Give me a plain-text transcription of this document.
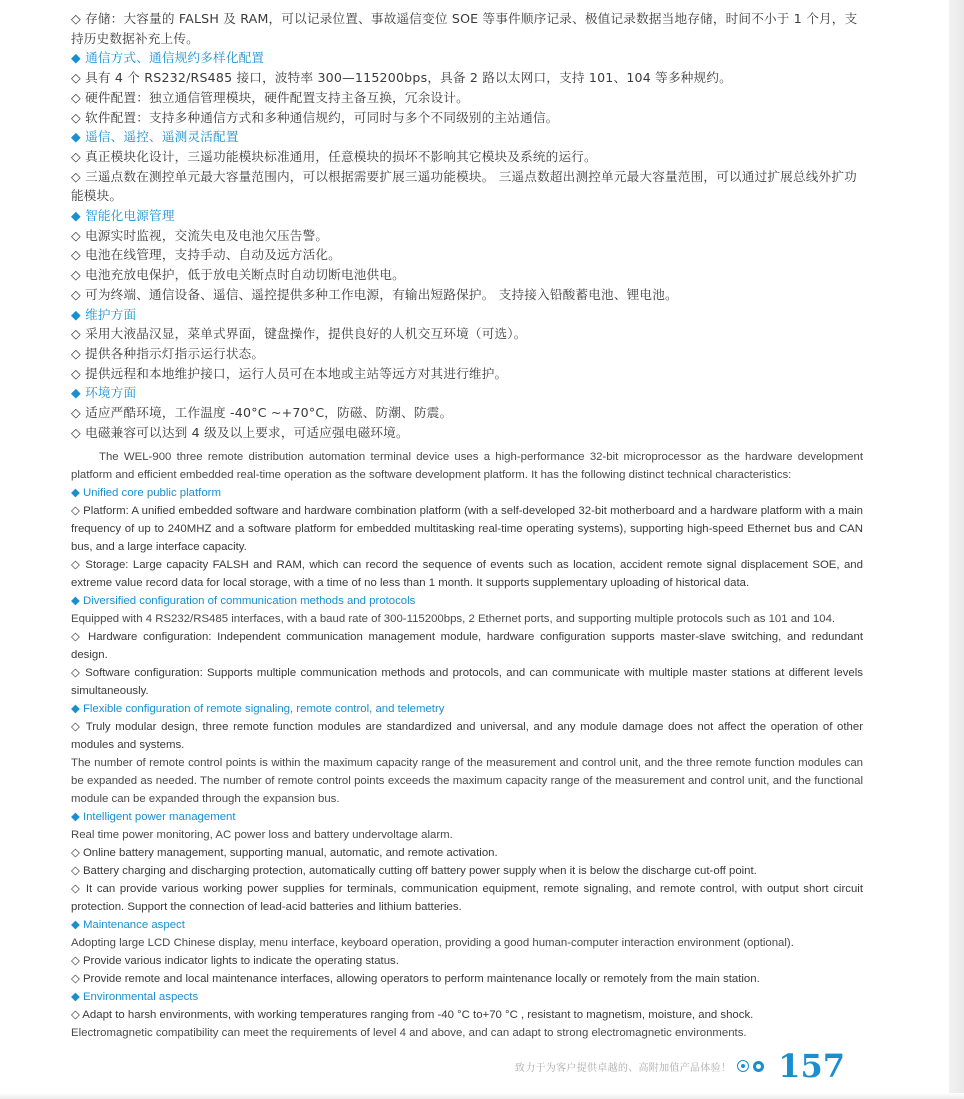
◇ 存储：大容量的 FALSH 及 RAM，可以记录位置、事故遥信变位 SOE 等事件顺序记录、极值记录数据当地存储，时间不小于 1 个月，支持历史数据补充上传。

◆ 通信方式、通信规约多样化配置

◇ 具有 4 个 RS232/RS485 接口，波特率 300—115200bps，具备 2 路以太网口，支持 101、104 等多种规约。

◇ 硬件配置：独立通信管理模块，硬件配置支持主备互换，冗余设计。

◇ 软件配置：支持多种通信方式和多种通信规约，可同时与多个不同级别的主站通信。

◆ 遥信、遥控、遥测灵活配置

◇ 真正模块化设计，三遥功能模块标准通用，任意模块的损坏不影响其它模块及系统的运行。

◇ 三遥点数在测控单元最大容量范围内，可以根据需要扩展三遥功能模块。 三遥点数超出测控单元最大容量范围，可以通过扩展总线外扩功能模块。

◆ 智能化电源管理

◇ 电源实时监视，交流失电及电池欠压告警。

◇ 电池在线管理，支持手动、自动及远方活化。

◇ 电池充放电保护，低于放电关断点时自动切断电池供电。

◇ 可为终端、通信设备、遥信、遥控提供多种工作电源，有输出短路保护。 支持接入铅酸蓄电池、锂电池。

◆ 维护方面

◇ 采用大液晶汉显，菜单式界面，键盘操作，提供良好的人机交互环境（可选）。

◇ 提供各种指示灯指示运行状态。

◇ 提供远程和本地维护接口，运行人员可在本地或主站等远方对其进行维护。

◆ 环境方面

◇ 适应严酷环境，工作温度 -40°C ~+70°C，防磁、防潮、防震。

◇ 电磁兼容可以达到 4 级及以上要求，可适应强电磁环境。

The WEL-900 three remote distribution automation terminal device uses a high-performance 32-bit microprocessor as the hardware development platform and efficient embedded real-time operation as the software development platform. It has the following distinct technical characteristics:

◆ Unified core public platform

◇ Platform: A unified embedded software and hardware combination platform (with a self-developed 32-bit motherboard and a hardware platform with a main frequency of up to 240MHZ and a software platform for embedded multitasking real-time operating systems), supporting high-speed Ethernet bus and CAN bus, and a large interface capacity.

◇ Storage: Large capacity FALSH and RAM, which can record the sequence of events such as location, accident remote signal displacement SOE, and extreme value record data for local storage, with a time of no less than 1 month. It supports supplementary uploading of historical data.

◆ Diversified configuration of communication methods and protocols

Equipped with 4 RS232/RS485 interfaces, with a baud rate of 300-115200bps, 2 Ethernet ports, and supporting multiple protocols such as 101 and 104.

◇ Hardware configuration: Independent communication management module, hardware configuration supports master-slave switching, and redundant design.

◇ Software configuration: Supports multiple communication methods and protocols, and can communicate with multiple master stations at different levels simultaneously.

◆ Flexible configuration of remote signaling, remote control, and telemetry

◇ Truly modular design, three remote function modules are standardized and universal, and any module damage does not affect the operation of other modules and systems.

The number of remote control points is within the maximum capacity range of the measurement and control unit, and the three remote function modules can be expanded as needed. The number of remote control points exceeds the maximum capacity range of the measurement and control unit, and the functional module can be expanded through the expansion bus.

◆ Intelligent power management

Real time power monitoring, AC power loss and battery undervoltage alarm.

◇ Online battery management, supporting manual, automatic, and remote activation.

◇ Battery charging and discharging protection, automatically cutting off battery power supply when it is below the discharge cut-off point.

◇ It can provide various working power supplies for terminals, communication equipment, remote signaling, and remote control, with output short circuit protection. Support the connection of lead-acid batteries and lithium batteries.

◆ Maintenance aspect

Adopting large LCD Chinese display, menu interface, keyboard operation, providing a good human-computer interaction environment (optional).

◇ Provide various indicator lights to indicate the operating status.

◇ Provide remote and local maintenance interfaces, allowing operators to perform maintenance locally or remotely from the main station.

◆ Environmental aspects

◇ Adapt to harsh environments, with working temperatures ranging from -40 °C to+70 °C , resistant to magnetism, moisture, and shock.

Electromagnetic compatibility can meet the requirements of level 4 and above, and can adapt to strong electromagnetic environments.

致力于为客户提供卓越的、高附加值产品体验！ 157
